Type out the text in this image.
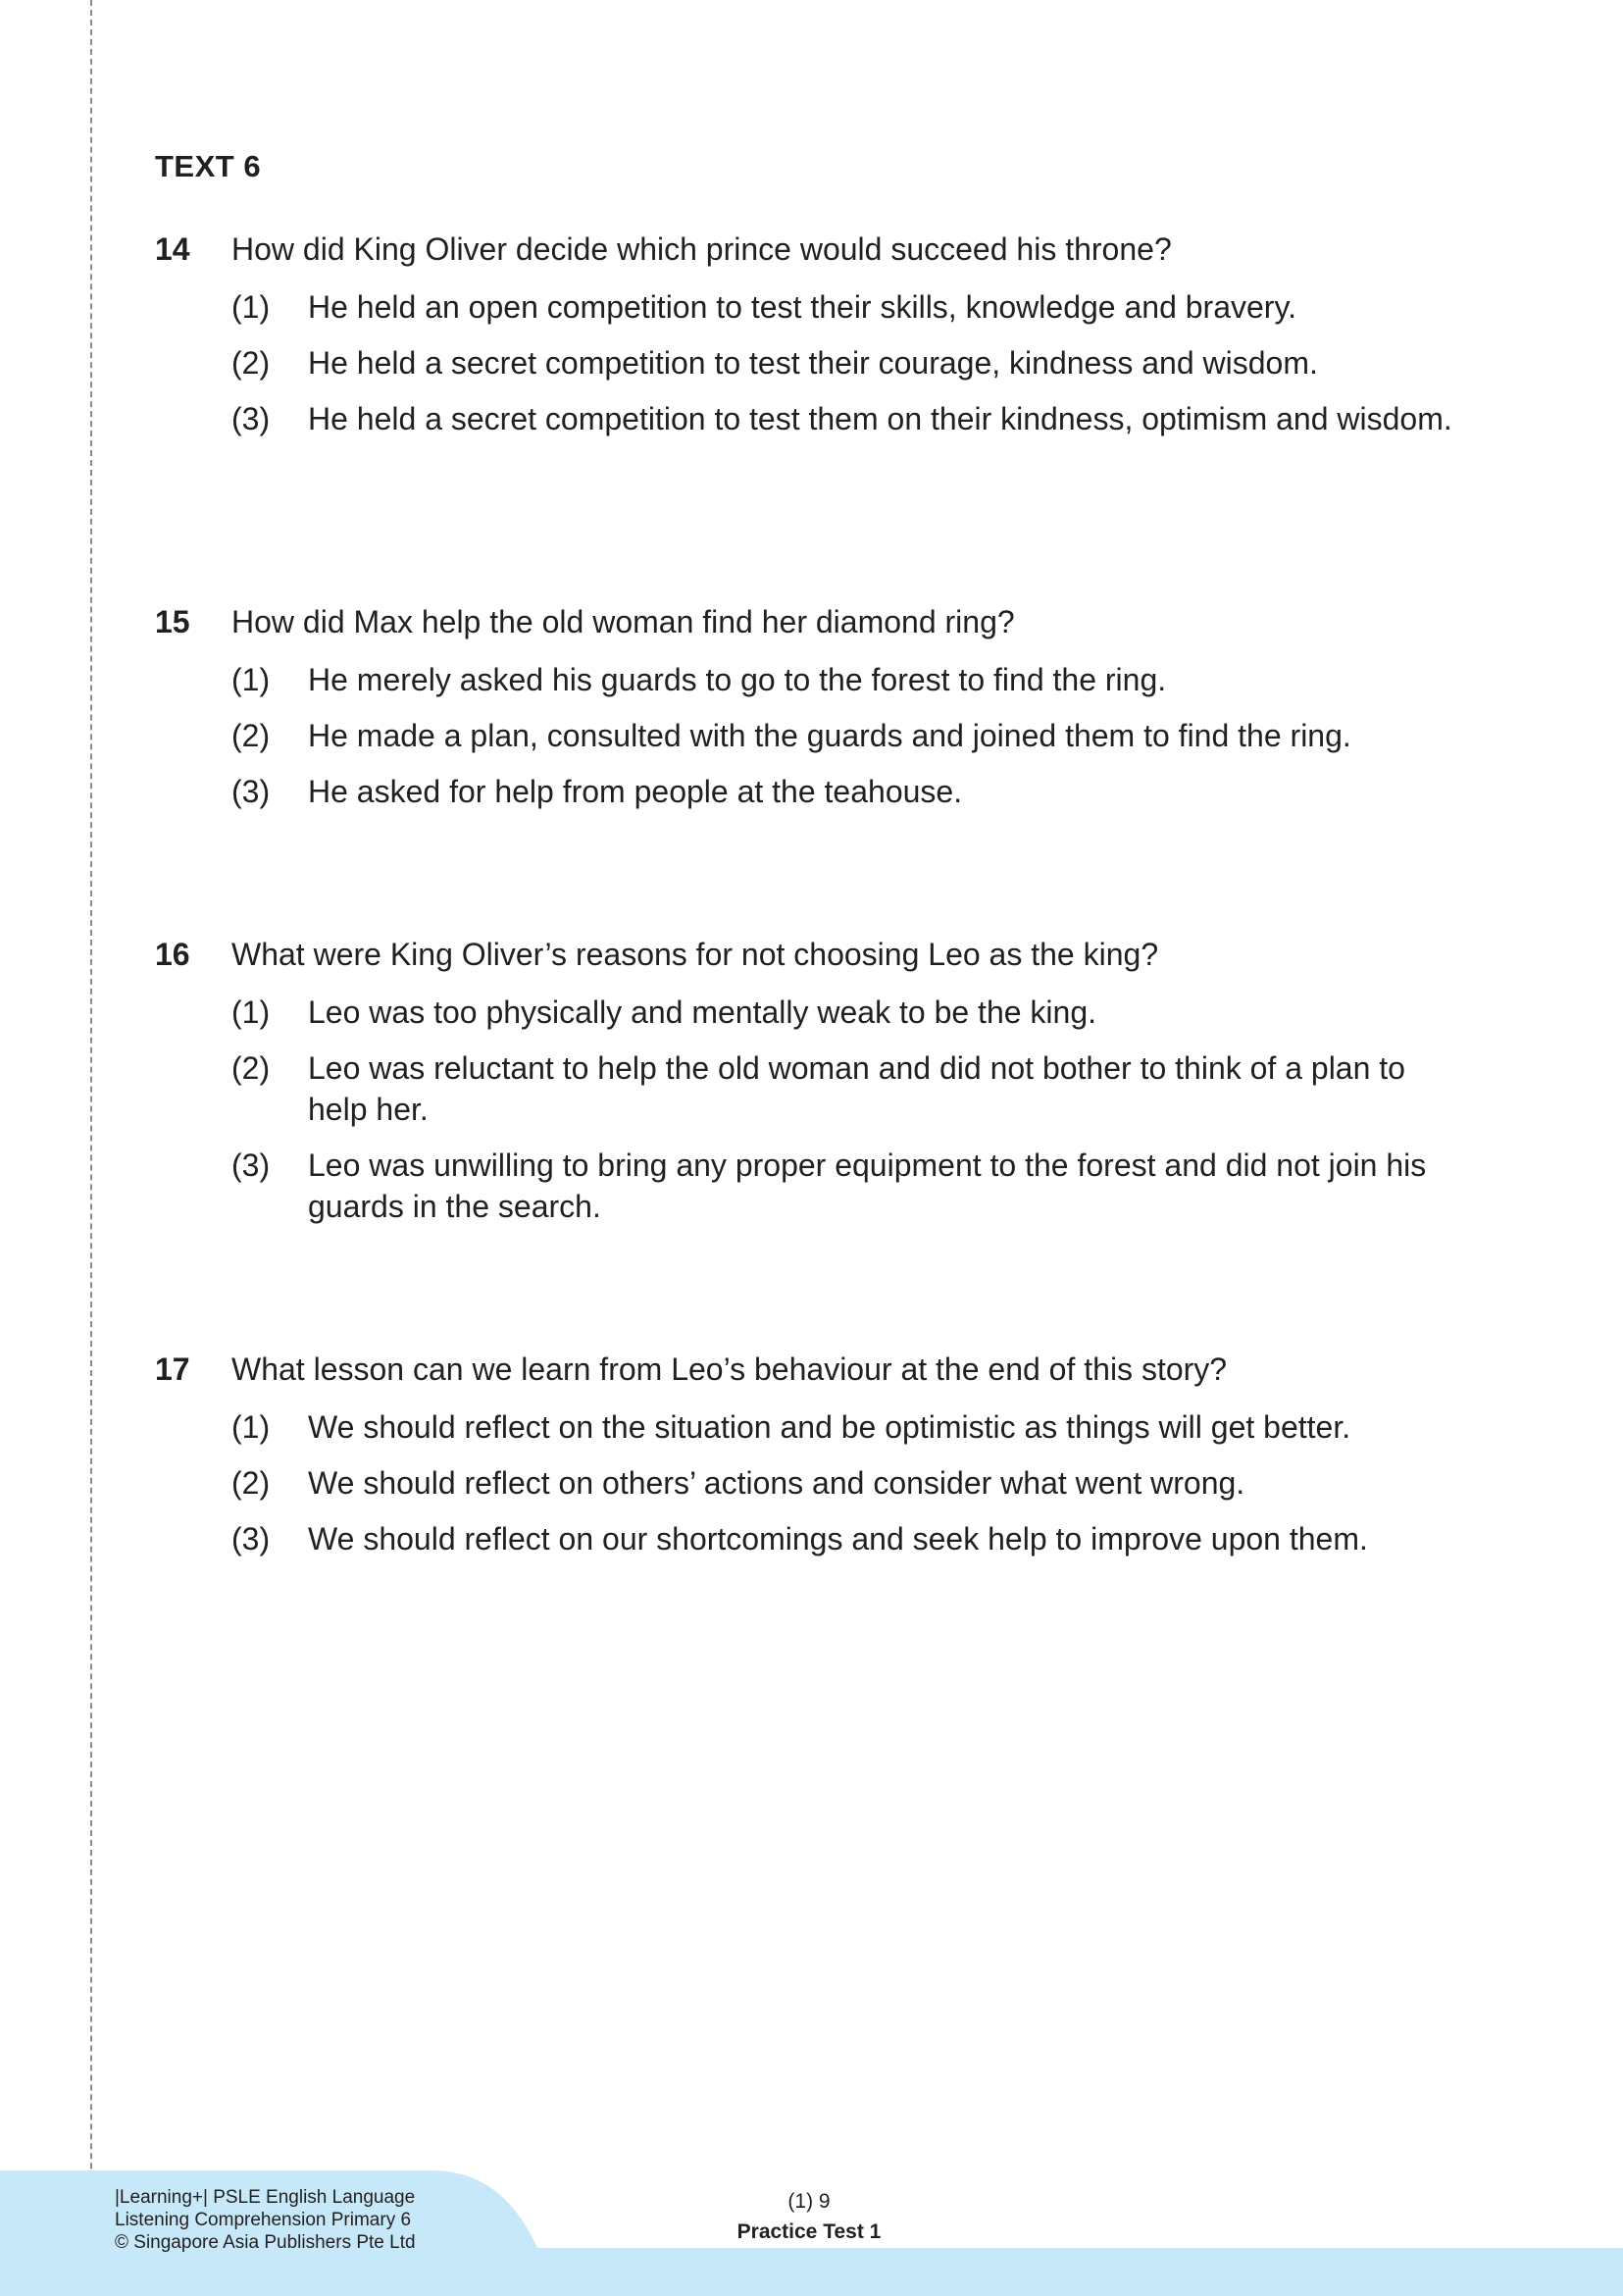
TEXT 6
14 How did King Oliver decide which prince would succeed his throne?
(1) He held an open competition to test their skills, knowledge and bravery.
(2) He held a secret competition to test their courage, kindness and wisdom.
(3) He held a secret competition to test them on their kindness, optimism and wisdom.
15 How did Max help the old woman find her diamond ring?
(1) He merely asked his guards to go to the forest to find the ring.
(2) He made a plan, consulted with the guards and joined them to find the ring.
(3) He asked for help from people at the teahouse.
16 What were King Oliver’s reasons for not choosing Leo as the king?
(1) Leo was too physically and mentally weak to be the king.
(2) Leo was reluctant to help the old woman and did not bother to think of a plan to help her.
(3) Leo was unwilling to bring any proper equipment to the forest and did not join his guards in the search.
17 What lesson can we learn from Leo’s behaviour at the end of this story?
(1) We should reflect on the situation and be optimistic as things will get better.
(2) We should reflect on others’ actions and consider what went wrong.
(3) We should reflect on our shortcomings and seek help to improve upon them.
|Learning+| PSLE English Language
Listening Comprehension Primary 6
© Singapore Asia Publishers Pte Ltd
(1) 9
Practice Test 1
